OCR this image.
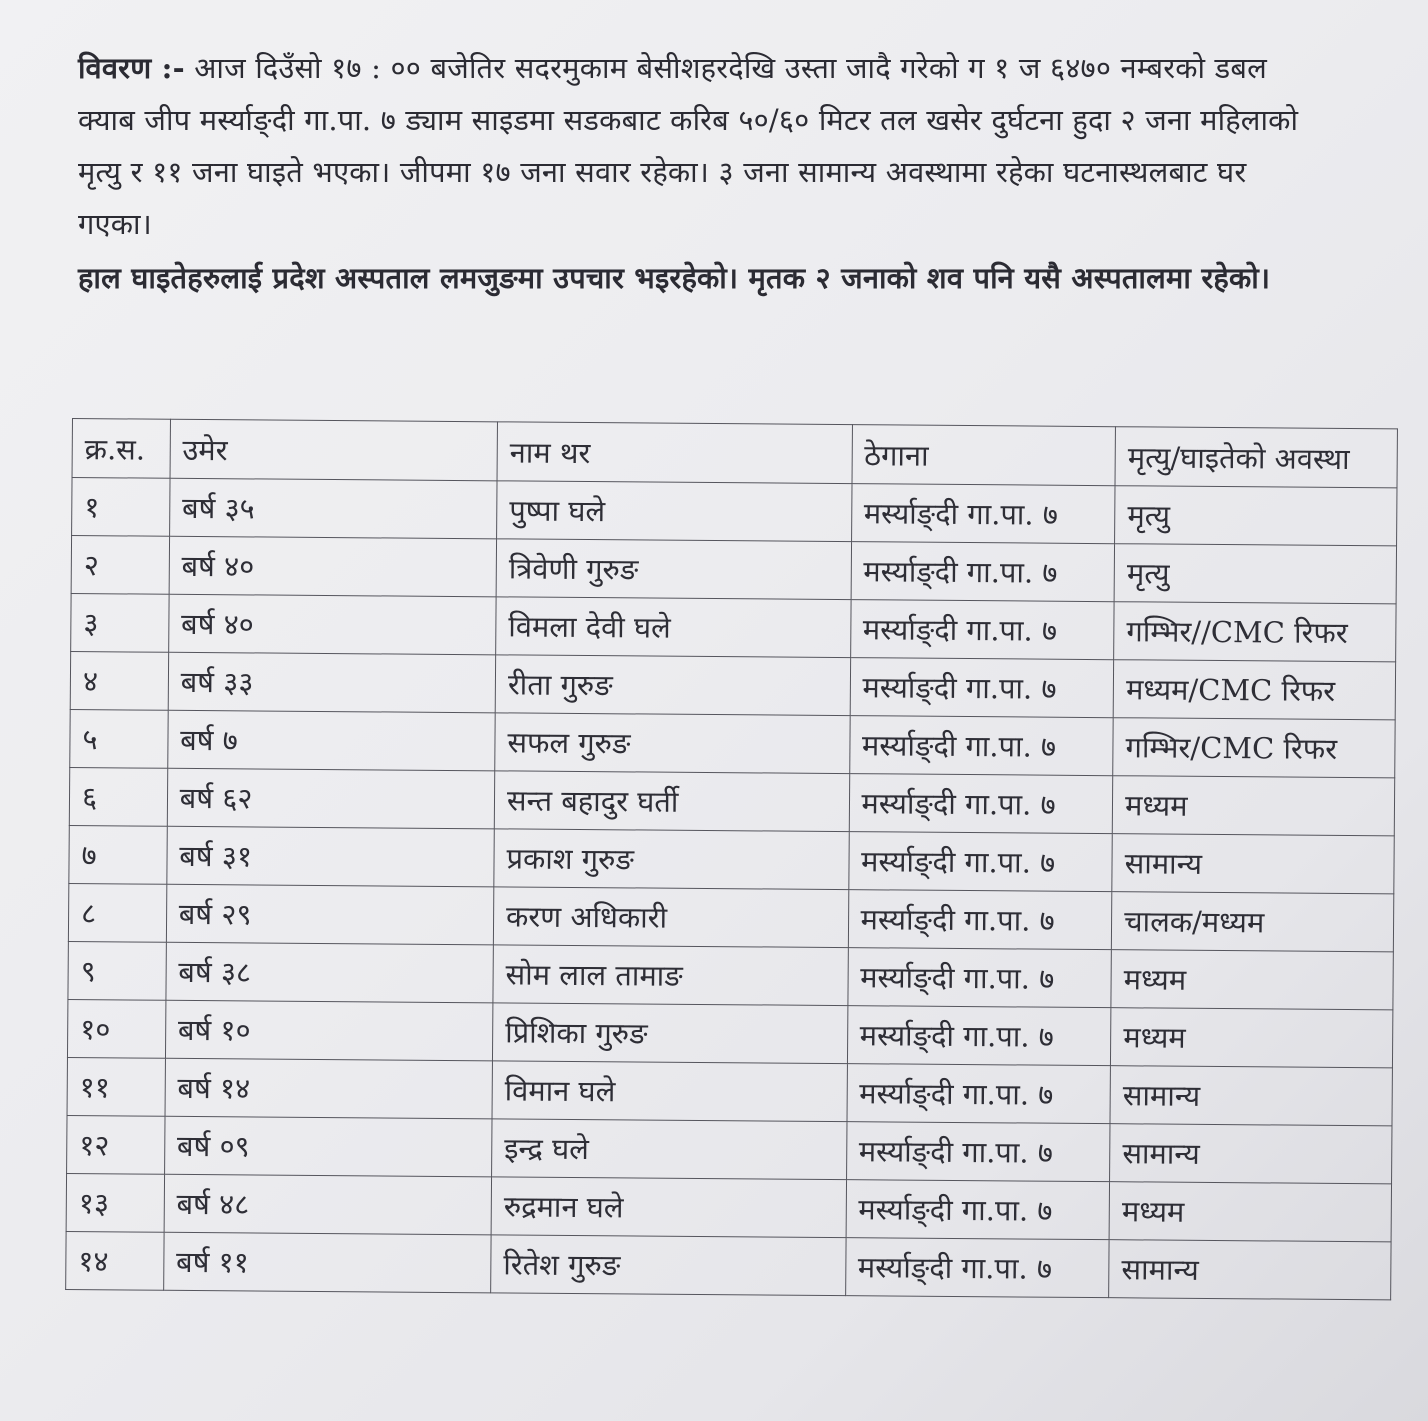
विवरण :- आज दिउँसो १७ : ०० बजेतिर सदरमुकाम बेसीशहरदेखि उस्ता जादै गरेको ग १ ज ६४७० नम्बरको डबल क्याब जीप मर्स्याङ्दी गा.पा. ७ ड्याम साइडमा सडकबाट करिब ५०/६० मिटर तल खसेर दुर्घटना हुदा २ जना महिलाको मृत्यु र ११ जना घाइते भएका। जीपमा १७ जना सवार रहेका। ३ जना सामान्य अवस्थामा रहेका घटनास्थलबाट घर गएका।

हाल घाइतेहरुलाई प्रदेश अस्पताल लमजुङमा उपचार भइरहेको। मृतक २ जनाको शव पनि यसै अस्पतालमा रहेको।

क्र.स.	उमेर	नाम थर	ठेगाना	मृत्यु/घाइतेको अवस्था
१	बर्ष ३५	पुष्पा घले	मर्स्याङ्दी गा.पा. ७	मृत्यु
२	बर्ष ४०	त्रिवेणी गुरुङ	मर्स्याङ्दी गा.पा. ७	मृत्यु
३	बर्ष ४०	विमला देवी घले	मर्स्याङ्दी गा.पा. ७	गम्भिर//CMC रिफर
४	बर्ष ३३	रीता गुरुङ	मर्स्याङ्दी गा.पा. ७	मध्यम/CMC रिफर
५	बर्ष ७	सफल गुरुङ	मर्स्याङ्दी गा.पा. ७	गम्भिर/CMC रिफर
६	बर्ष ६२	सन्त बहादुर घर्ती	मर्स्याङ्दी गा.पा. ७	मध्यम
७	बर्ष ३१	प्रकाश गुरुङ	मर्स्याङ्दी गा.पा. ७	सामान्य
८	बर्ष २९	करण अधिकारी	मर्स्याङ्दी गा.पा. ७	चालक/मध्यम
९	बर्ष ३८	सोम लाल तामाङ	मर्स्याङ्दी गा.पा. ७	मध्यम
१०	बर्ष १०	प्रिशिका गुरुङ	मर्स्याङ्दी गा.पा. ७	मध्यम
११	बर्ष १४	विमान घले	मर्स्याङ्दी गा.पा. ७	सामान्य
१२	बर्ष ०९	इन्द्र घले	मर्स्याङ्दी गा.पा. ७	सामान्य
१३	बर्ष ४८	रुद्रमान घले	मर्स्याङ्दी गा.पा. ७	मध्यम
१४	बर्ष ११	रितेश गुरुङ	मर्स्याङ्दी गा.पा. ७	सामान्य
